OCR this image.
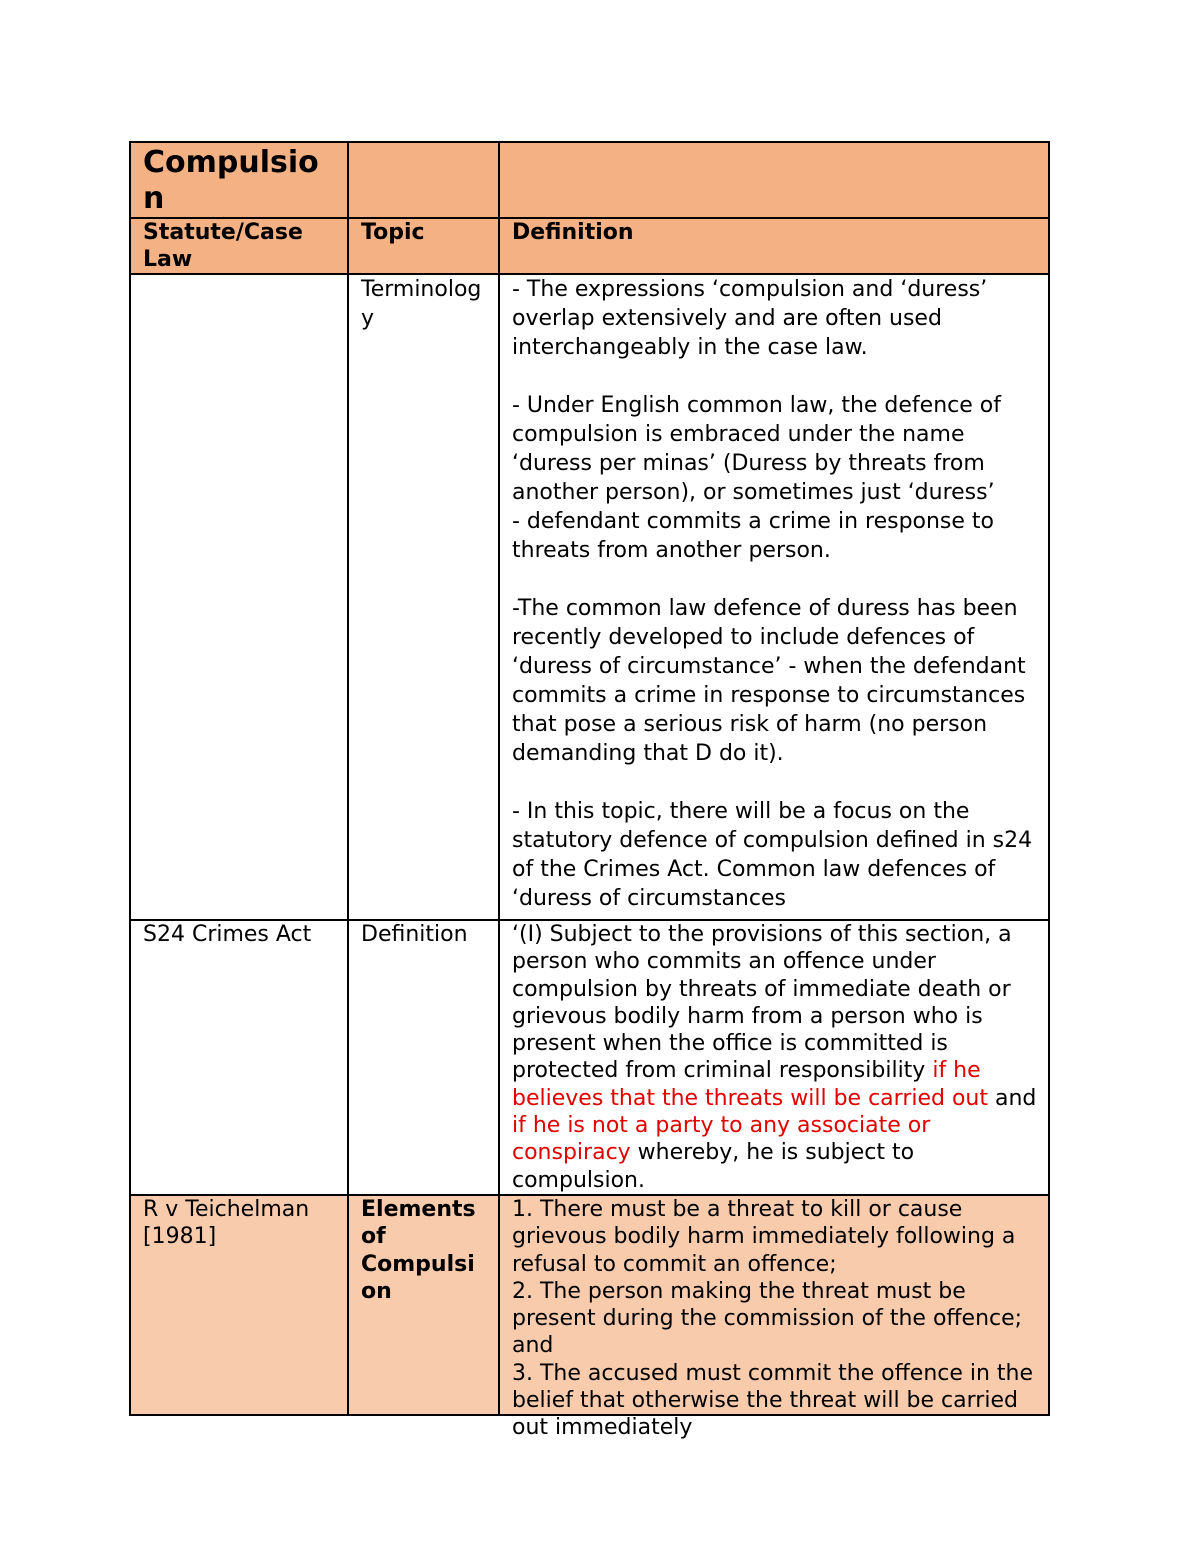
Compulsion		

Statute/Case Law	Topic	Definition
	Terminology	- The expressions ‘compulsion and ‘duress’ overlap extensively and are often used interchangeably in the case law.
- Under English common law, the defence of compulsion is embraced under the name ‘duress per minas’ (Duress by threats from another person), or sometimes just ‘duress’
- defendant commits a crime in response to threats from another person.
-The common law defence of duress has been recently developed to include defences of ‘duress of circumstance’ - when the defendant commits a crime in response to circumstances that pose a serious risk of harm (no person demanding that D do it).
- In this topic, there will be a focus on the statutory defence of compulsion defined in s24 of the Crimes Act. Common law defences of ‘duress of circumstances

S24 Crimes Act	Definition	‘(I) Subject to the provisions of this section, a person who commits an offence under compulsion by threats of immediate death or grievous bodily harm from a person who is present when the office is committed is protected from criminal responsibility if he believes that the threats will be carried out and if he is not a party to any associate or conspiracy whereby, he is subject to compulsion.
R v Teichelman [1981]	Elements of Compulsion	1. There must be a threat to kill or cause grievous bodily harm immediately following a refusal to commit an offence;
2. The person making the threat must be present during the commission of the offence; and
3. The accused must commit the offence in the belief that otherwise the threat will be carried out immediately
